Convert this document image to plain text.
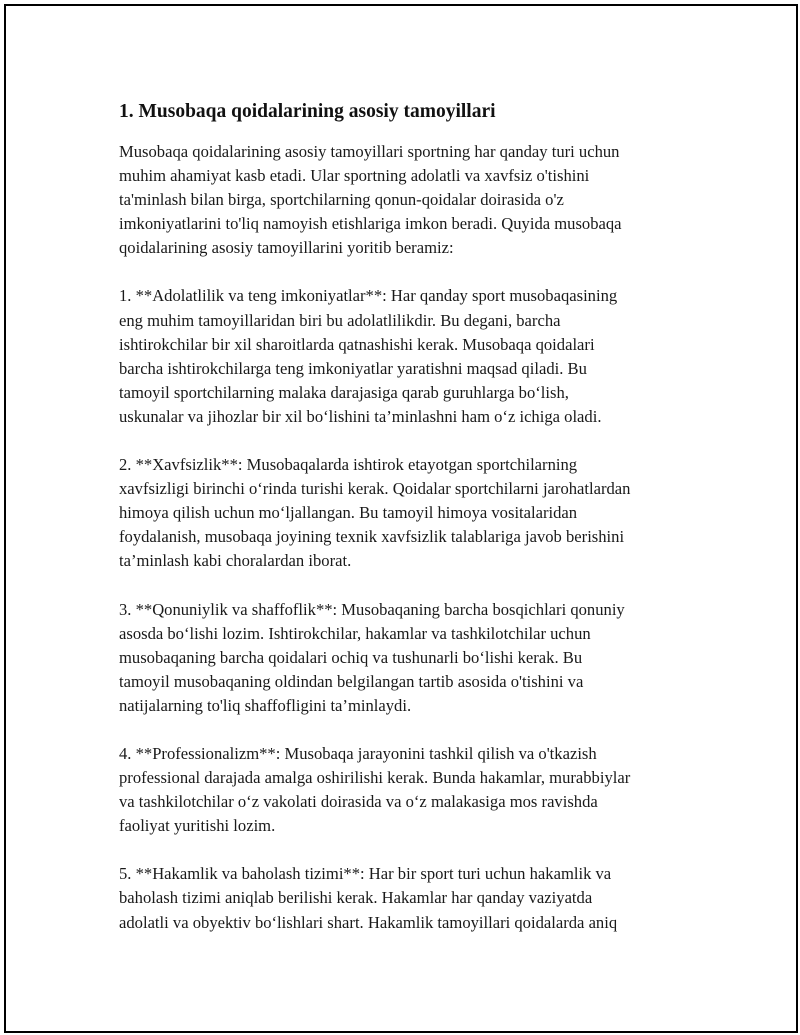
1. Musobaqa qoidalarining asosiy tamoyillari

Musobaqa qoidalarining asosiy tamoyillari sportning har qanday turi uchun
muhim ahamiyat kasb etadi. Ular sportning adolatli va xavfsiz o'tishini
ta'minlash bilan birga, sportchilarning qonun-qoidalar doirasida o'z
imkoniyatlarini to'liq namoyish etishlariga imkon beradi. Quyida musobaqa
qoidalarining asosiy tamoyillarini yoritib beramiz:

1. **Adolatlilik va teng imkoniyatlar**: Har qanday sport musobaqasining
eng muhim tamoyillaridan biri bu adolatlilikdir. Bu degani, barcha
ishtirokchilar bir xil sharoitlarda qatnashishi kerak. Musobaqa qoidalari
barcha ishtirokchilarga teng imkoniyatlar yaratishni maqsad qiladi. Bu
tamoyil sportchilarning malaka darajasiga qarab guruhlarga bo‘lish,
uskunalar va jihozlar bir xil bo‘lishini ta’minlashni ham o‘z ichiga oladi.

2. **Xavfsizlik**: Musobaqalarda ishtirok etayotgan sportchilarning
xavfsizligi birinchi o‘rinda turishi kerak. Qoidalar sportchilarni jarohatlardan
himoya qilish uchun mo‘ljallangan. Bu tamoyil himoya vositalaridan
foydalanish, musobaqa joyining texnik xavfsizlik talablariga javob berishini
ta’minlash kabi choralardan iborat.

3. **Qonuniylik va shaffoflik**: Musobaqaning barcha bosqichlari qonuniy
asosda bo‘lishi lozim. Ishtirokchilar, hakamlar va tashkilotchilar uchun
musobaqaning barcha qoidalari ochiq va tushunarli bo‘lishi kerak. Bu
tamoyil musobaqaning oldindan belgilangan tartib asosida o'tishini va
natijalarning to'liq shaffofligini ta’minlaydi.

4. **Professionalizm**: Musobaqa jarayonini tashkil qilish va o'tkazish
professional darajada amalga oshirilishi kerak. Bunda hakamlar, murabbiylar
va tashkilotchilar o‘z vakolati doirasida va o‘z malakasiga mos ravishda
faoliyat yuritishi lozim.

5. **Hakamlik va baholash tizimi**: Har bir sport turi uchun hakamlik va
baholash tizimi aniqlab berilishi kerak. Hakamlar har qanday vaziyatda
adolatli va obyektiv bo‘lishlari shart. Hakamlik tamoyillari qoidalarda aniq
